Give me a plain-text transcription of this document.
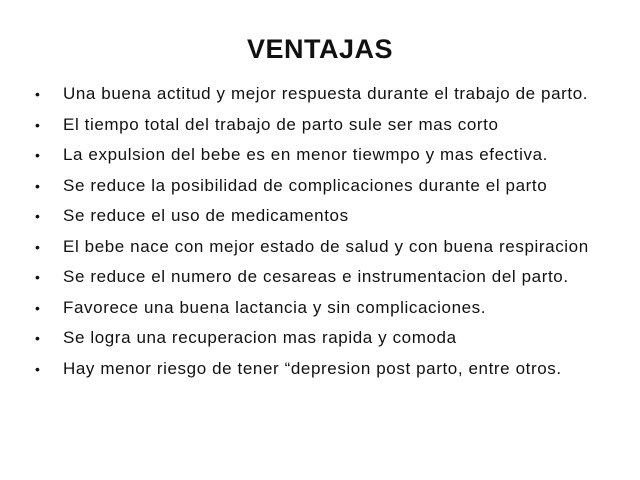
VENTAJAS
• Una buena actitud y mejor respuesta durante el trabajo de parto.
• El tiempo total del trabajo de parto sule ser mas corto
• La expulsion del bebe es en menor tiewmpo y mas efectiva.
• Se reduce la posibilidad de complicaciones durante el parto
• Se reduce el uso de medicamentos
• El bebe nace con mejor estado de salud y con buena respiracion
• Se reduce el numero de cesareas e instrumentacion del parto.
• Favorece una buena lactancia y sin complicaciones.
• Se logra una recuperacion mas rapida y comoda
• Hay menor riesgo de tener “depresion post parto, entre otros.
